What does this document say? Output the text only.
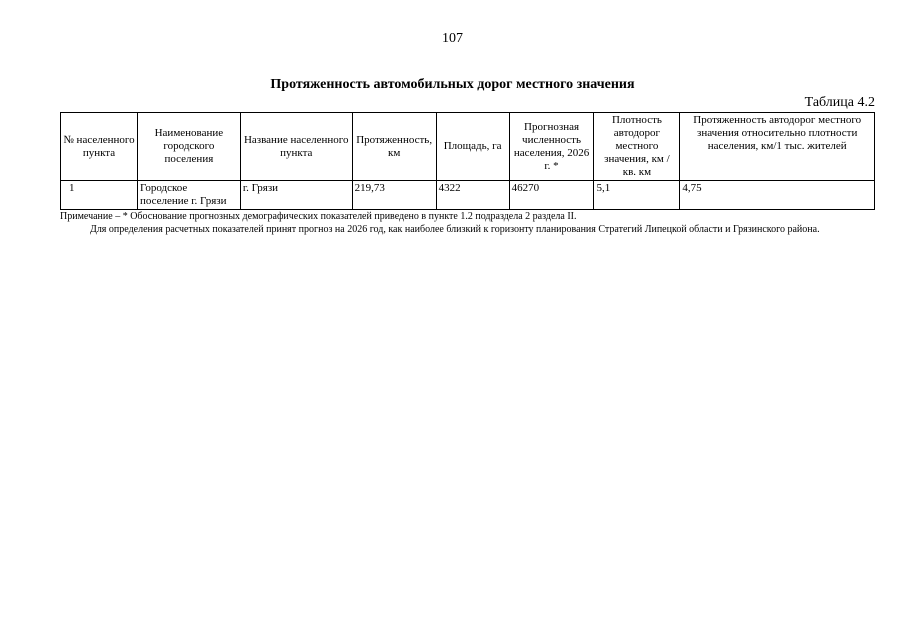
107
Протяженность автомобильных дорог местного значения
Таблица 4.2
№ населенного пункта	Наименование городского поселения	Название населенного пункта	Протяженность, км	Площадь, га	Прогнозная численность населения, 2026 г. *	Плотность автодорог местного значения, км / кв. км	Протяженность автодорог местного значения относительно плотности населения, км/1 тыс. жителей
1	Городское поселение г. Грязи	г. Грязи	219,73	4322	46270	5,1	4,75
Примечание – * Обоснование прогнозных демографических показателей приведено в пункте 1.2 подраздела 2 раздела II.
Для определения расчетных показателей принят прогноз на 2026 год, как наиболее близкий к горизонту планирования Стратегий Липецкой области и Грязинского района.
